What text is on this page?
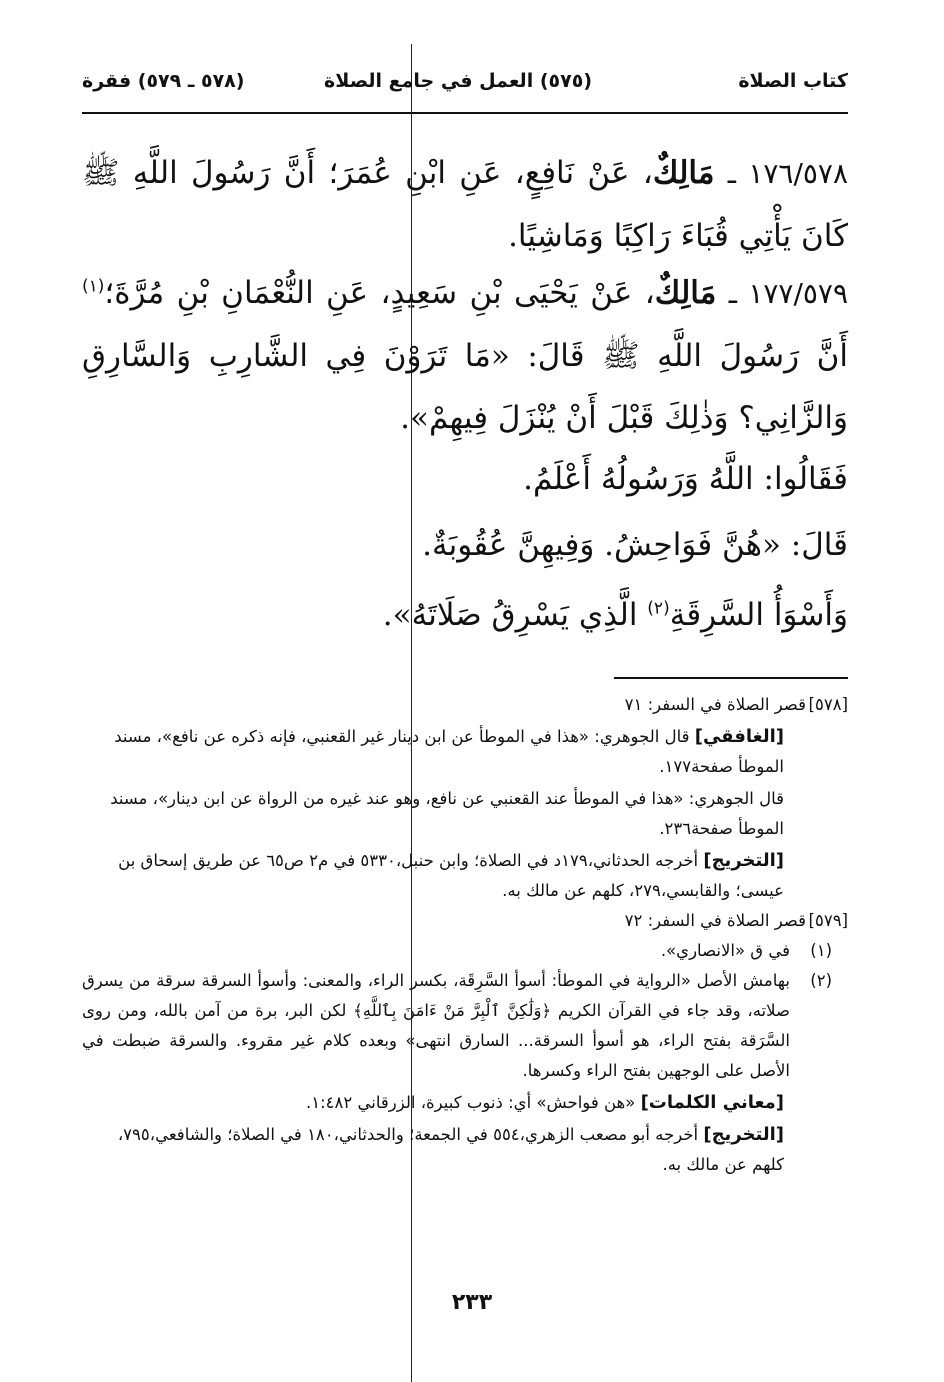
كتاب الصلاة
(٥٧٥) العمل في جامع الصلاة
(٥٧٨ ـ ٥٧٩) فقرة

١٧٦/٥٧٨ ـ مَالِكٌ، عَنْ نَافِعٍ، عَنِ ابْنِ عُمَرَ؛ أَنَّ رَسُولَ اللَّهِ ﷺ كَانَ يَأْتِي قُبَاءَ رَاكِبًا وَمَاشِيًا.

١٧٧/٥٧٩ ـ مَالِكٌ، عَنْ يَحْيَى بْنِ سَعِيدٍ، عَنِ النُّعْمَانِ بْنِ مُرَّةَ؛$^{(١)}$ أَنَّ رَسُولَ اللَّهِ ﷺ قَالَ: «مَا تَرَوْنَ فِي الشَّارِبِ وَالسَّارِقِ وَالزَّانِي؟ وَذٰلِكَ قَبْلَ أَنْ يُنْزَلَ فِيهِمْ».

فَقَالُوا: اللَّهُ وَرَسُولُهُ أَعْلَمُ.

قَالَ: «هُنَّ فَوَاحِشُ. وَفِيهِنَّ عُقُوبَةٌ.

وَأَسْوَأُ السَّرِقَةِ$^{(٢)}$ الَّذِي يَسْرِقُ صَلَاتَهُ».

[٥٧٨]
قصر الصلاة في السفر: ٧١
[الغافقي] قال الجوهري: «هذا في الموطأ عن ابن دينار غير القعنبي، فإنه ذكره عن نافع»، مسند الموطأ صفحة١٧٧.
قال الجوهري: «هذا في الموطأ عند القعنبي عن نافع، وهو عند غيره من الرواة عن ابن دينار»، مسند الموطأ صفحة٢٣٦.
[التخريج] أخرجه الحدثاني،١٧٩د في الصلاة؛ وابن حنبل،٥٣٣٠ في م٢ ص٦٥ عن طريق إسحاق بن عيسى؛ والقابسي،٢٧٩، كلهم عن مالك به.
[٥٧٩]
قصر الصلاة في السفر: ٧٢
(١)
في ق «الانصاري».
(٢)
بهامش الأصل «الرواية في الموطأ: أسوأ السَّرِقَة، بكسر الراء، والمعنى: وأسوأ السرقة سرقة من يسرق صلاته، وقد جاء في القرآن الكريم ﴿وَلَٰكِنَّ ٱلْبِرَّ مَنْ ءَامَنَ بِٱللَّهِ﴾ لكن البر، برة من آمن بالله، ومن روى السَّرَقة بفتح الراء، هو أسوأ السرقة... السارق انتهى» وبعده كلام غير مقروء. والسرقة ضبطت في الأصل على الوجهين بفتح الراء وكسرها.
[معاني الكلمات] «هن فواحش» أي: ذنوب كبيرة، الزرقاني ١:٤٨٢.
[التخريج] أخرجه أبو مصعب الزهري،٥٥٤ في الجمعة؛ والحدثاني،١٨٠ في الصلاة؛ والشافعي،٧٩٥، كلهم عن مالك به.
٢٣٣
